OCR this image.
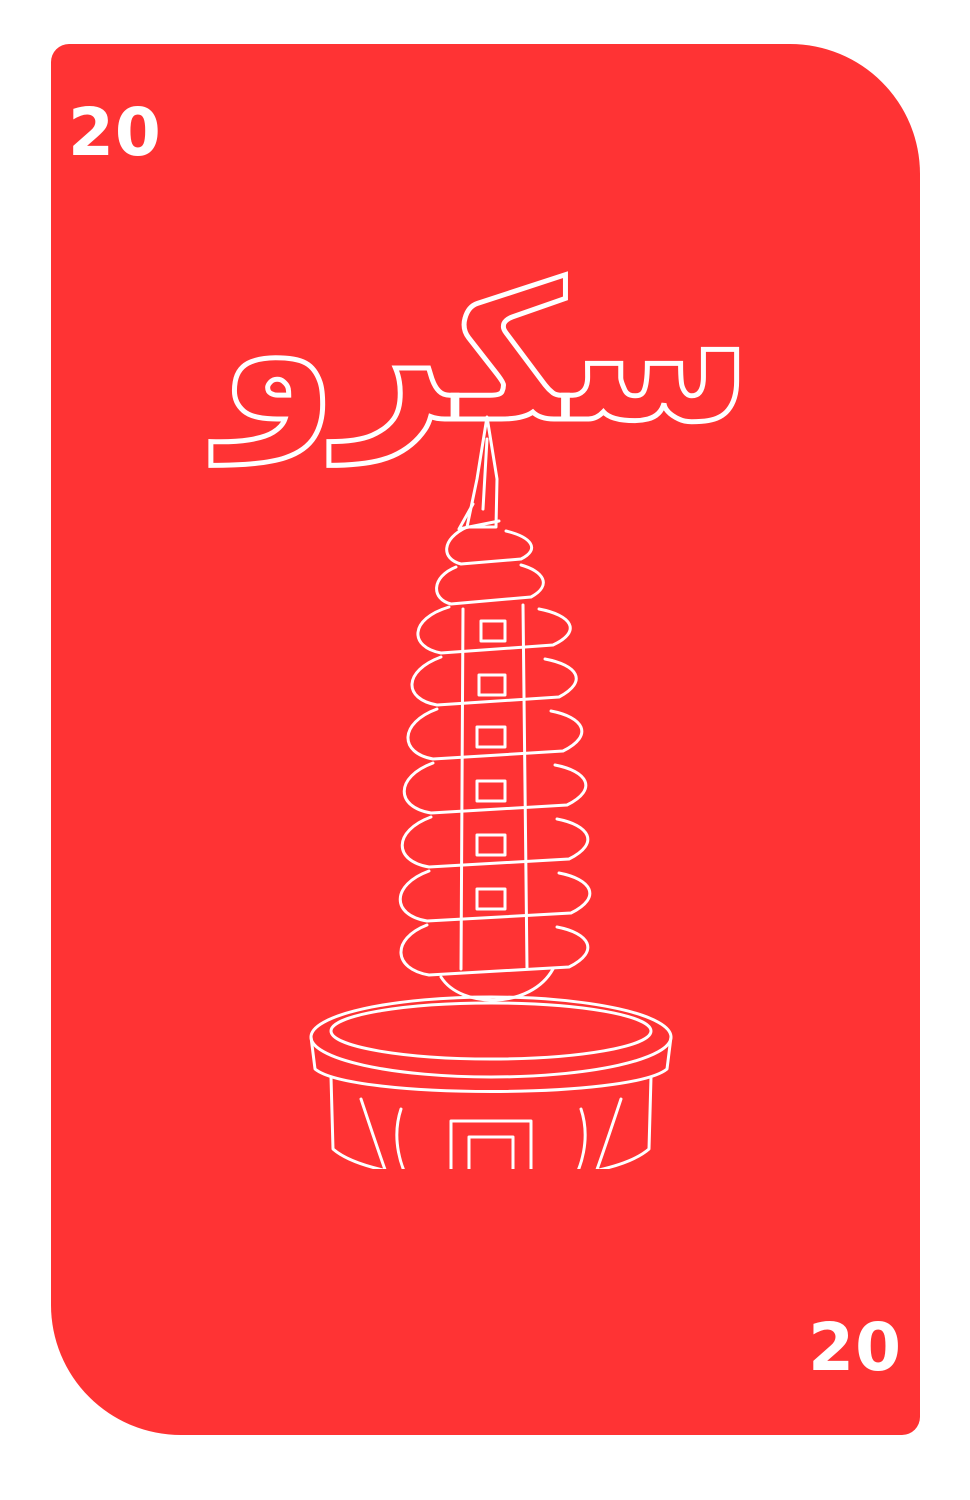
20
سكرو
20
